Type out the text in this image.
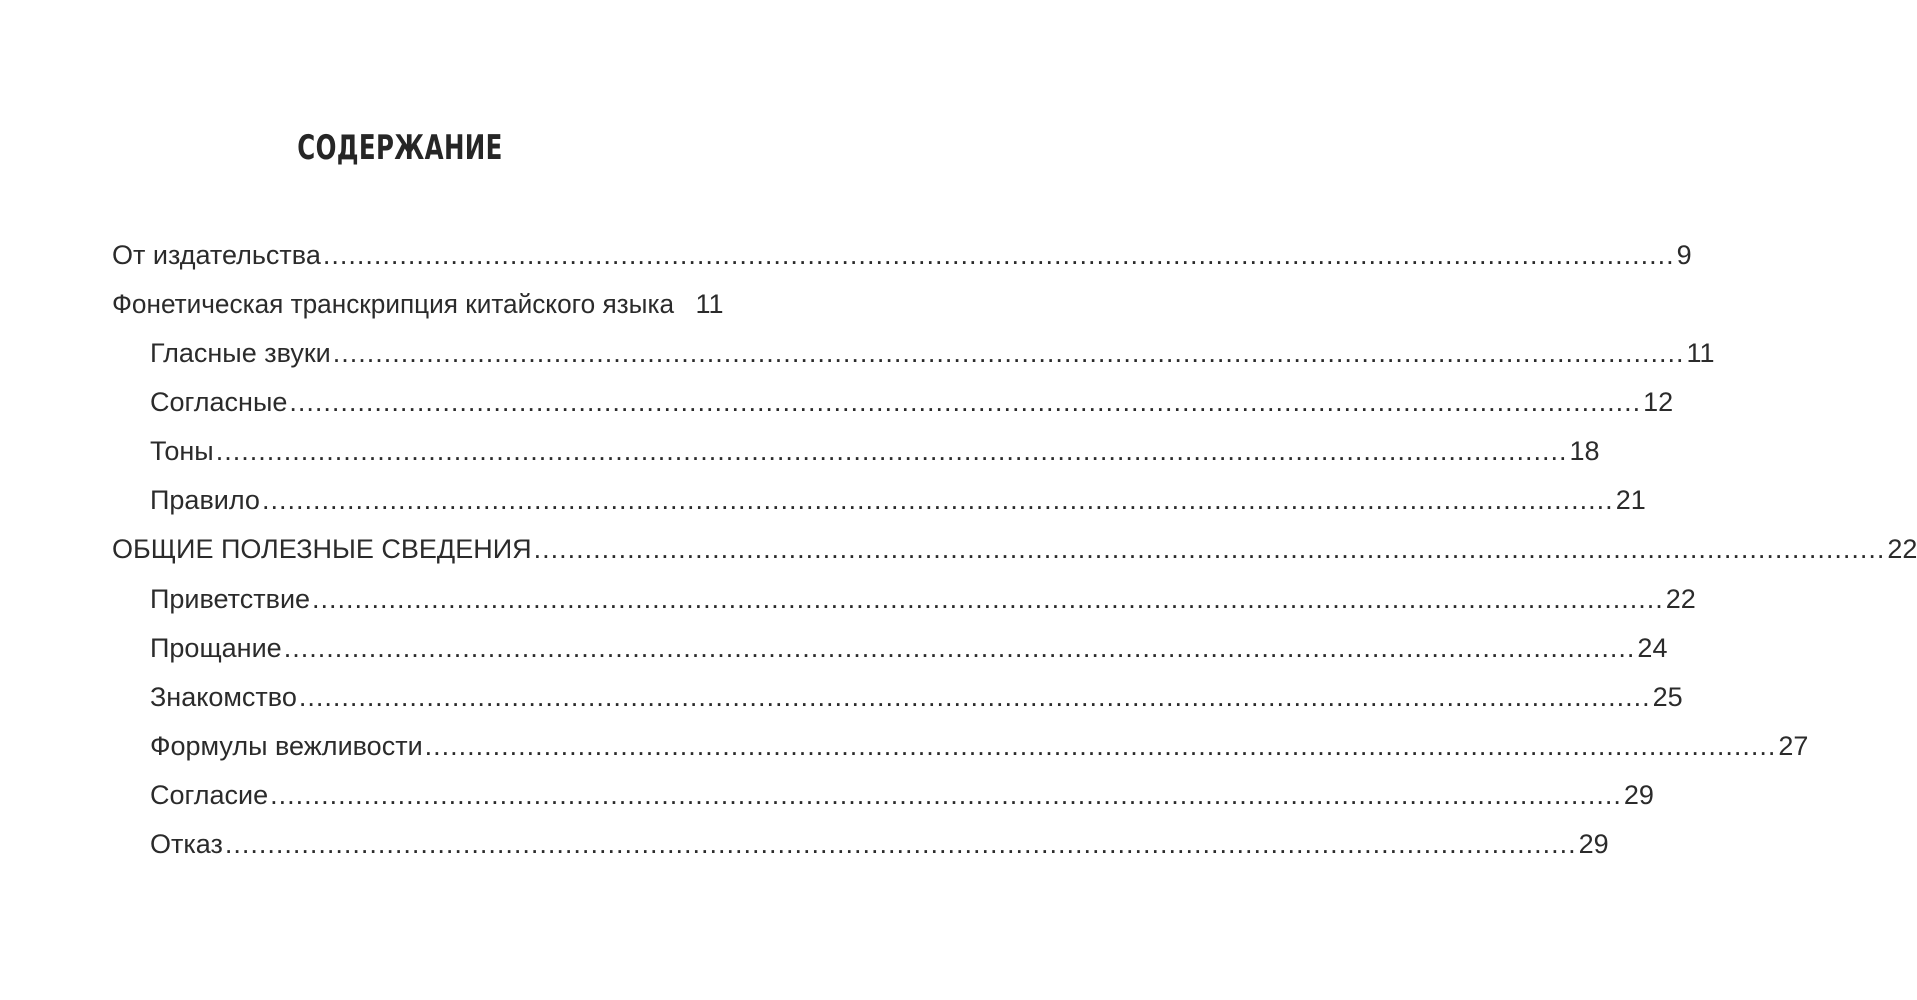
СОДЕРЖАНИЕ
От издательства .....	9
Фонетическая транскрипция китайского языка 11
Гласные звуки .....	11
Согласные .....	12
Тоны .....	18
Правило .....	21
ОБЩИЕ ПОЛЕЗНЫЕ СВЕДЕНИЯ .....	22
Приветствие .....	22
Прощание .....	24
Знакомство .....	25
Формулы вежливости .....	27
Согласие .....	29
Отказ .....	29
